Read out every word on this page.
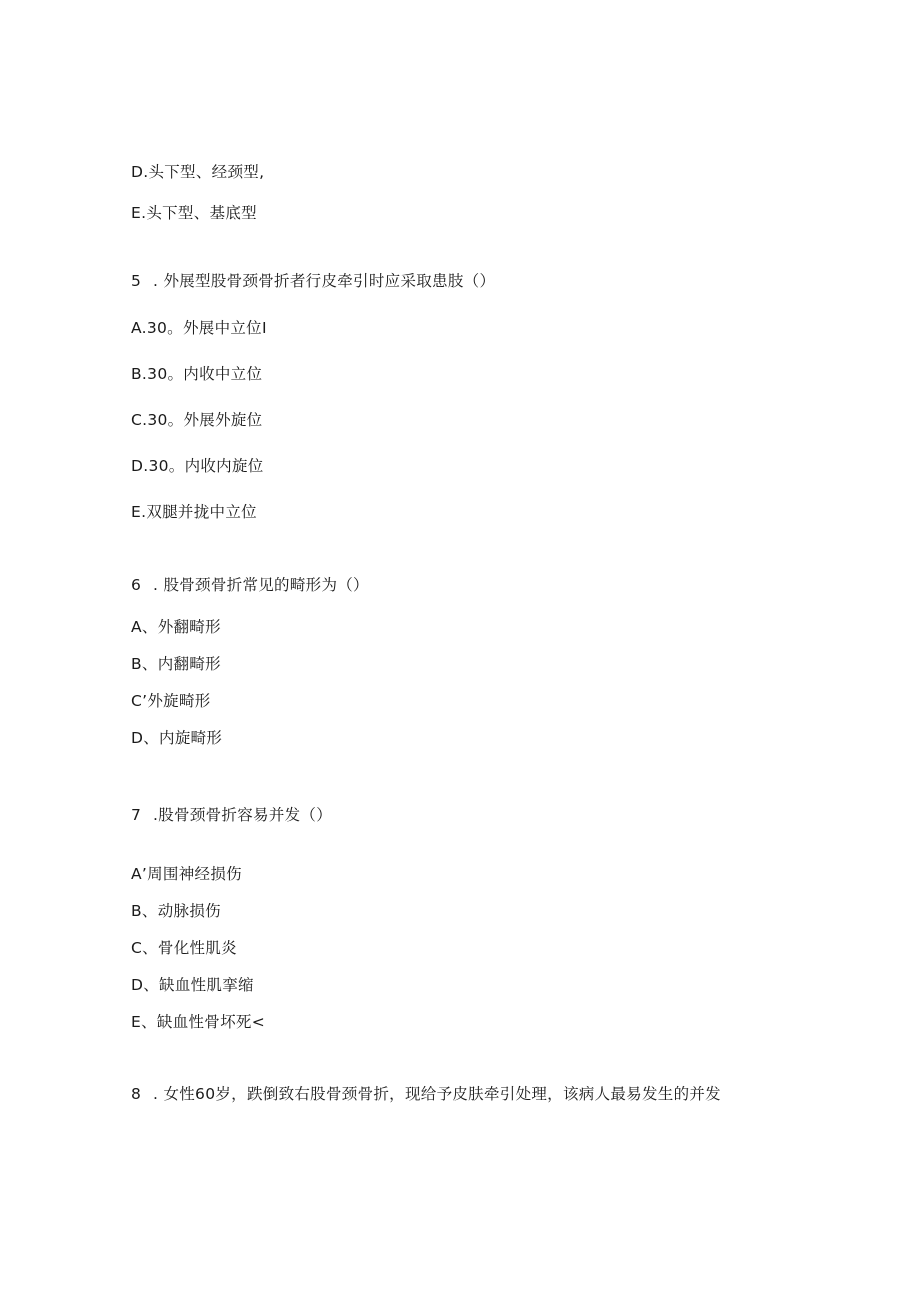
D.头下型、经颈型,
E.头下型、基底型
5 . 外展型股骨颈骨折者行皮牵引时应采取患肢（）
A.30。外展中立位I
B.30。内收中立位
C.30。外展外旋位
D.30。内收内旋位
E.双腿并拢中立位
6 . 股骨颈骨折常见的畸形为（）
A、外翻畸形
B、内翻畸形
C’外旋畸形
D、内旋畸形
7 .股骨颈骨折容易并发（）
A’周围神经损伤
B、动脉损伤
C、骨化性肌炎
D、缺血性肌挛缩
E、缺血性骨坏死<
8 . 女性60岁，跌倒致右股骨颈骨折，现给予皮肤牵引处理，该病人最易发生的并发
